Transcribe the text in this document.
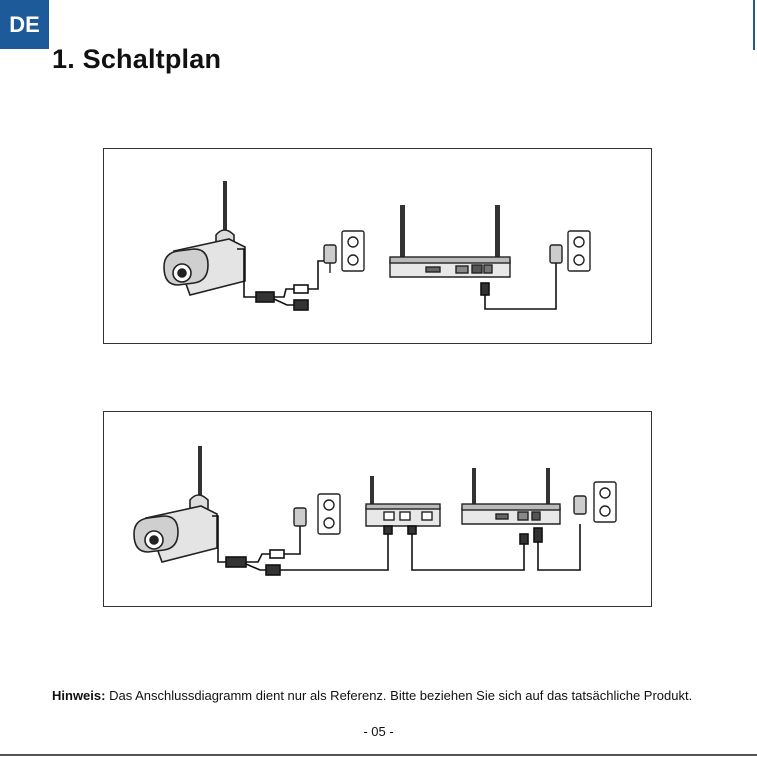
DE
1. Schaltplan

Hinweis: Das Anschlussdiagramm dient nur als Referenz. Bitte beziehen Sie sich auf das tatsächliche Produkt.

- 05 -
